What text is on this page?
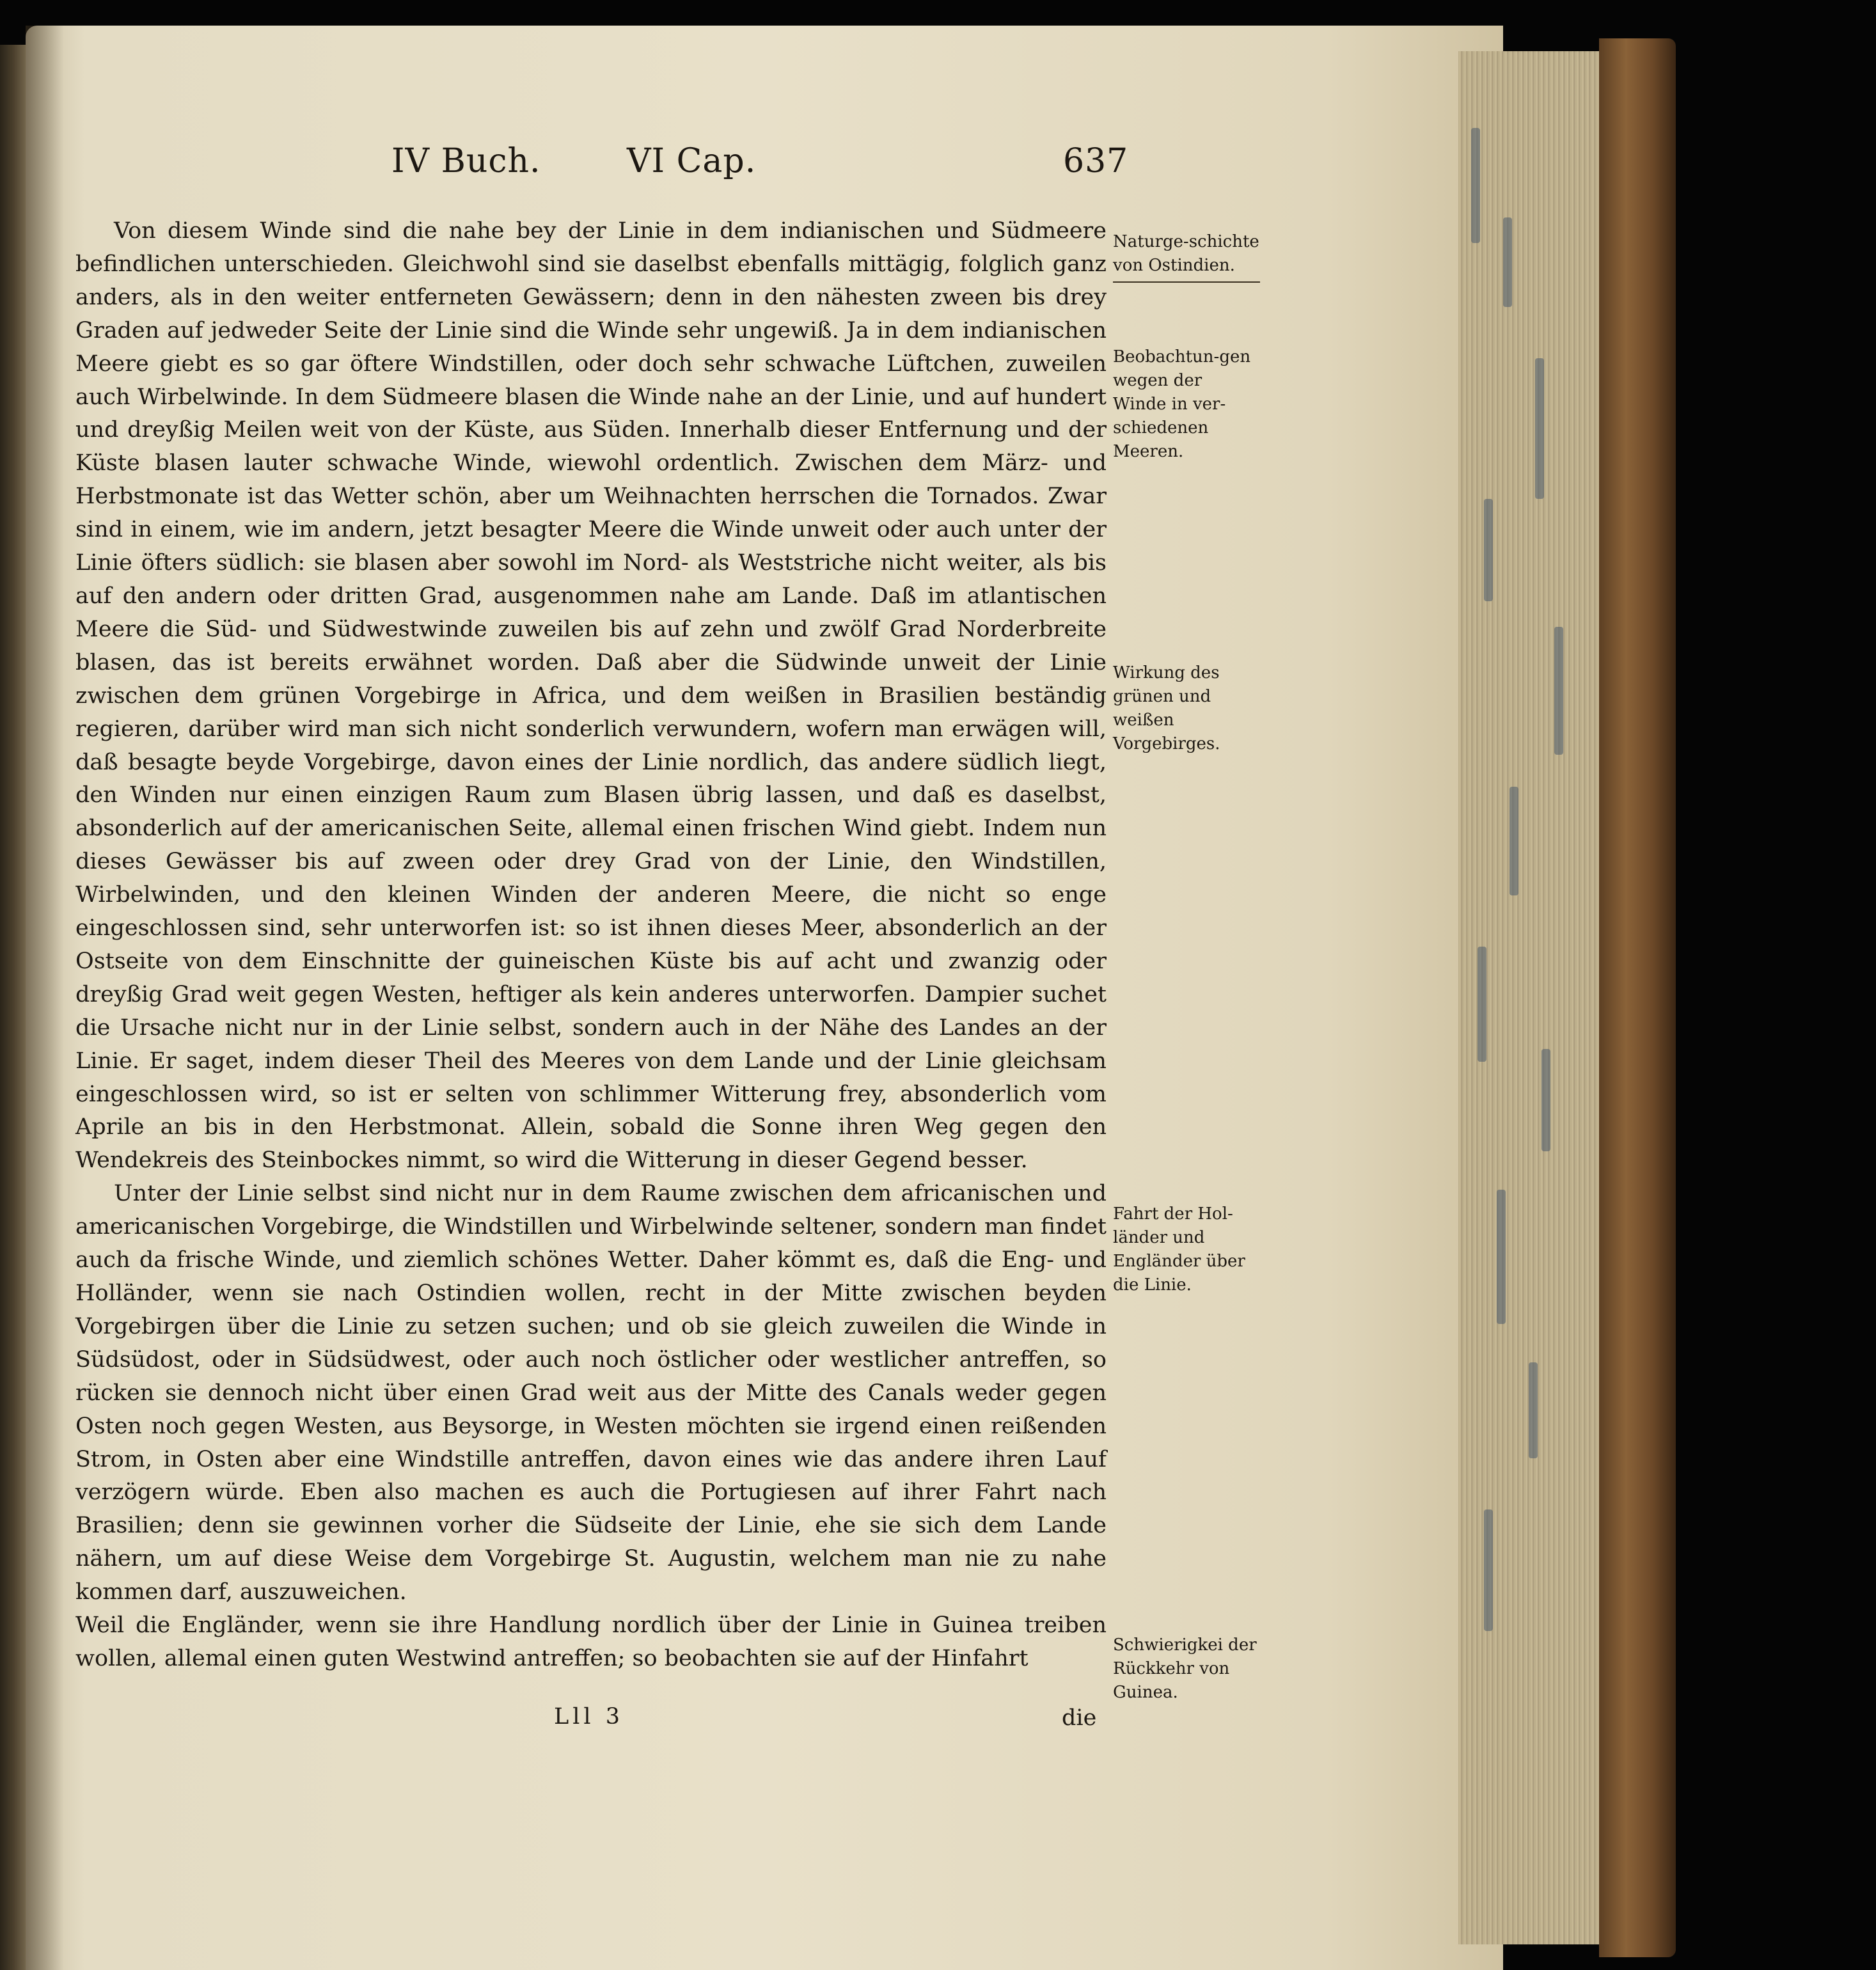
IV Buch.	VI Cap.	637

Von diesem Winde sind die nahe bey der Linie in dem indianischen und Südmeere befindlichen unterschieden. Gleichwohl sind sie daselbst ebenfalls mittägig, folglich ganz anders, als in den weiter entferneten Gewässern; denn in den nähesten zween bis drey Graden auf jedweder Seite der Linie sind die Winde sehr ungewiß. Ja in dem indianischen Meere giebt es so gar öftere Windstillen, oder doch sehr schwache Lüftchen, zuweilen auch Wirbelwinde. In dem Südmeere blasen die Winde nahe an der Linie, und auf hundert und dreyßig Meilen weit von der Küste, aus Süden. Innerhalb dieser Entfernung und der Küste blasen lauter schwache Winde, wiewohl ordentlich. Zwischen dem März- und Herbstmonate ist das Wetter schön, aber um Weihnachten herrschen die Tornados. Zwar sind in einem, wie im andern, jetzt besagter Meere die Winde unweit oder auch unter der Linie öfters südlich: sie blasen aber sowohl im Nord- als Weststriche nicht weiter, als bis auf den andern oder dritten Grad, ausgenommen nahe am Lande. Daß im atlantischen Meere die Süd- und Südwestwinde zuweilen bis auf zehn und zwölf Grad Norderbreite blasen, das ist bereits erwähnet worden. Daß aber die Südwinde unweit der Linie zwischen dem grünen Vorgebirge in Africa, und dem weißen in Brasilien beständig regieren, darüber wird man sich nicht sonderlich verwundern, wofern man erwägen will, daß besagte beyde Vorgebirge, davon eines der Linie nordlich, das andere südlich liegt, den Winden nur einen einzigen Raum zum Blasen übrig lassen, und daß es daselbst, absonderlich auf der americanischen Seite, allemal einen frischen Wind giebt. Indem nun dieses Gewässer bis auf zween oder drey Grad von der Linie, den Windstillen, Wirbelwinden, und den kleinen Winden der anderen Meere, die nicht so enge eingeschlossen sind, sehr unterworfen ist: so ist ihnen dieses Meer, absonderlich an der Ostseite von dem Einschnitte der guineischen Küste bis auf acht und zwanzig oder dreyßig Grad weit gegen Westen, heftiger als kein anderes unterworfen. Dampier suchet die Ursache nicht nur in der Linie selbst, sondern auch in der Nähe des Landes an der Linie. Er saget, indem dieser Theil des Meeres von dem Lande und der Linie gleichsam eingeschlossen wird, so ist er selten von schlimmer Witterung frey, absonderlich vom Aprile an bis in den Herbstmonat. Allein, sobald die Sonne ihren Weg gegen den Wendekreis des Steinbockes nimmt, so wird die Witterung in dieser Gegend besser.

Unter der Linie selbst sind nicht nur in dem Raume zwischen dem africanischen und americanischen Vorgebirge, die Windstillen und Wirbelwinde seltener, sondern man findet auch da frische Winde, und ziemlich schönes Wetter. Daher kömmt es, daß die Eng- und Holländer, wenn sie nach Ostindien wollen, recht in der Mitte zwischen beyden Vorgebirgen über die Linie zu setzen suchen; und ob sie gleich zuweilen die Winde in Südsüdost, oder in Südsüdwest, oder auch noch östlicher oder westlicher antreffen, so rücken sie dennoch nicht über einen Grad weit aus der Mitte des Canals weder gegen Osten noch gegen Westen, aus Beysorge, in Westen möchten sie irgend einen reißenden Strom, in Osten aber eine Windstille antreffen, davon eines wie das andere ihren Lauf verzögern würde. Eben also machen es auch die Portugiesen auf ihrer Fahrt nach Brasilien; denn sie gewinnen vorher die Südseite der Linie, ehe sie sich dem Lande nähern, um auf diese Weise dem Vorgebirge St. Augustin, welchem man nie zu nahe kommen darf, auszuweichen.

Weil die Engländer, wenn sie ihre Handlung nordlich über der Linie in Guinea treiben wollen, allemal einen guten Westwind antreffen; so beobachten sie auf der Hinfahrt

Naturge-schichte von Ostindien.
Beobachtun-gen wegen der Winde in ver-schiedenen Meeren.
Wirkung des grünen und weißen Vorgebirges.
Fahrt der Hol-länder und Engländer über die Linie.
Schwierigkei der Rückkehr von Guinea.
Lll 3	die
